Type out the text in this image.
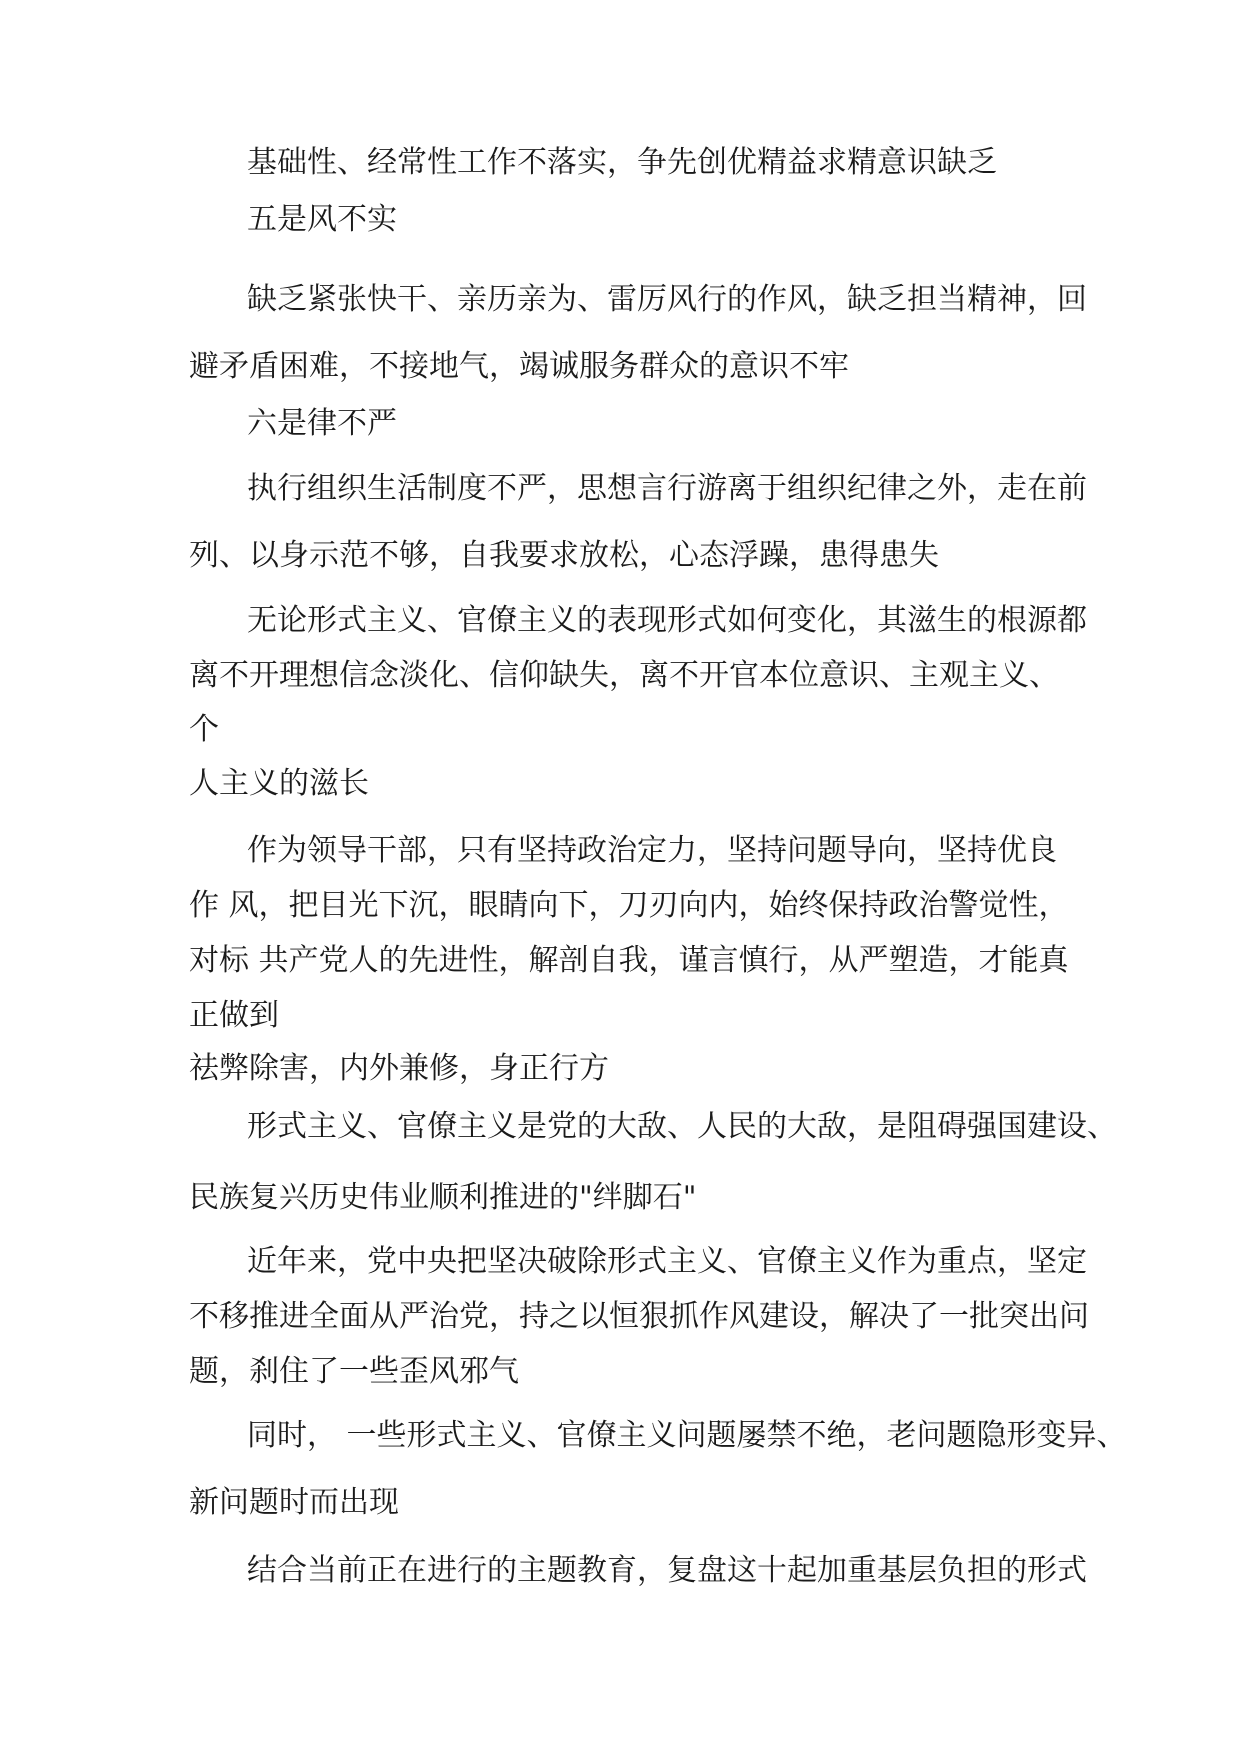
基础性、经常性工作不落实，争先创优精益求精意识缺乏

五是风不实

缺乏紧张快干、亲历亲为、雷厉风行的作风，缺乏担当精神，回

避矛盾困难，不接地气，竭诚服务群众的意识不牢

六是律不严

执行组织生活制度不严，思想言行游离于组织纪律之外，走在前

列、以身示范不够，自我要求放松，心态浮躁，患得患失

无论形式主义、官僚主义的表现形式如何变化，其滋生的根源都

离不开理想信念淡化、信仰缺失，离不开官本位意识、主观主义、

个

人主义的滋长

作为领导干部，只有坚持政治定力，坚持问题导向，坚持优良

作 风，把目光下沉，眼睛向下，刀刃向内，始终保持政治警觉性，

对标 共产党人的先进性，解剖自我，谨言慎行，从严塑造，才能真

正做到

祛弊除害，内外兼修，身正行方

形式主义、官僚主义是党的大敌、人民的大敌，是阻碍强国建设、

民族复兴历史伟业顺利推进的"绊脚石"

近年来，党中央把坚决破除形式主义、官僚主义作为重点，坚定

不移推进全面从严治党，持之以恒狠抓作风建设，解决了一批突出问

题，刹住了一些歪风邪气

同时， 一些形式主义、官僚主义问题屡禁不绝，老问题隐形变异、

新问题时而出现

结合当前正在进行的主题教育，复盘这十起加重基层负担的形式
